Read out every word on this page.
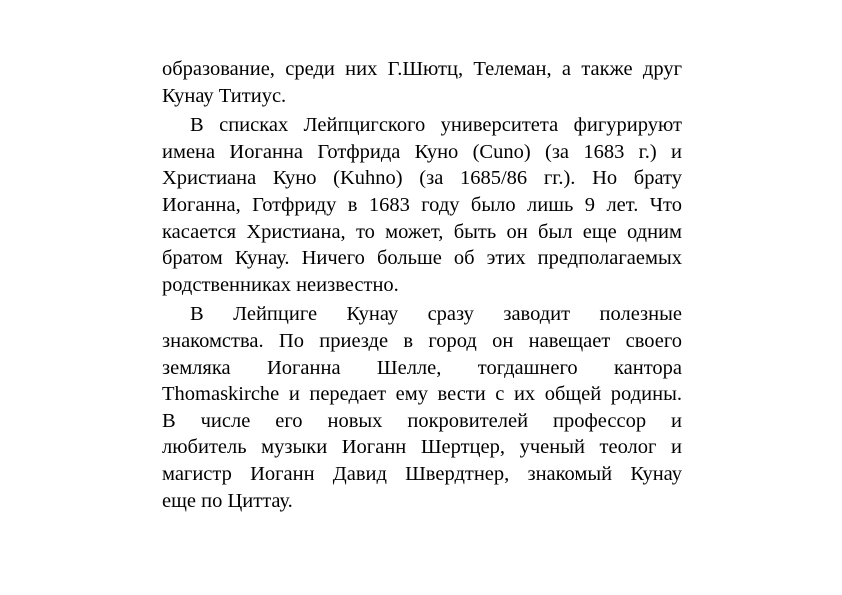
образование, среди них Г.Шютц, Телеман, а также друг
Кунау Титиус.

В списках Лейпцигского университета фигурируют
имена Иоганна Готфрида Куно (Cuno) (за 1683 г.) и
Христиана Куно (Kuhno) (за 1685/86 гг.). Но брату
Иоганна, Готфриду в 1683 году было лишь 9 лет. Что
касается Христиана, то может, быть он был еще одним
братом Кунау. Ничего больше об этих предполагаемых
родственниках неизвестно.

В Лейпциге Кунау сразу заводит полезные
знакомства. По приезде в город он навещает своего
земляка Иоганна Шелле, тогдашнего кантора
Thomaskirche и передает ему вести с их общей родины.
В числе его новых покровителей профессор и
любитель музыки Иоганн Шертцер, ученый теолог и
магистр Иоганн Давид Швердтнер, знакомый Кунау
еще по Циттау.
